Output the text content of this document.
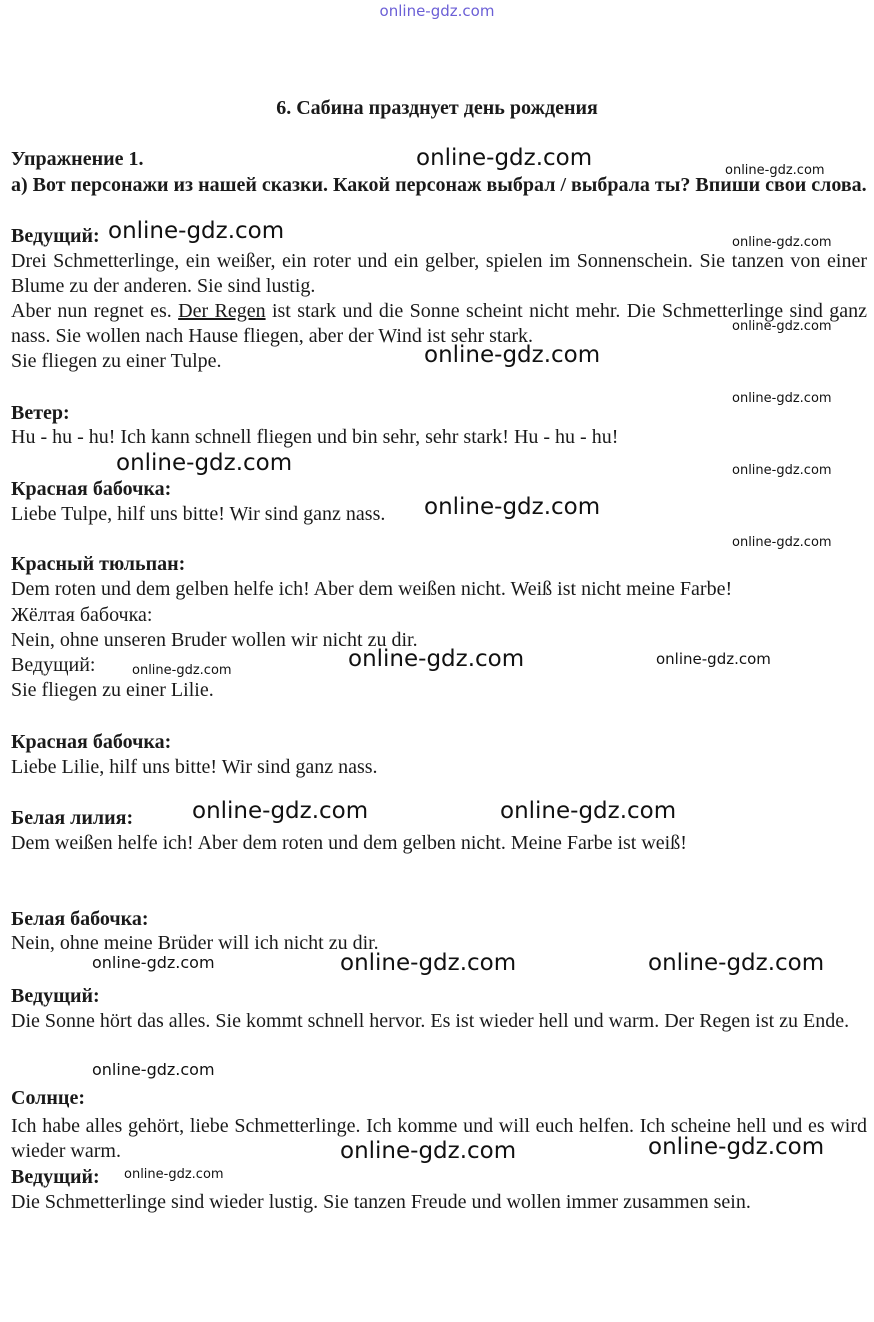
online-gdz.com
6. Сабина празднует день рождения

Упражнение 1.

а) Вот персонажи из нашей сказки. Какой персонаж выбрал / выбрала ты? Впиши свои слова.

Ведущий:

Drei Schmetterlinge, ein weißer, ein roter und ein gelber, spielen im Sonnenschein. Sie tanzen von einer Blume zu der anderen. Sie sind lustig.

Aber nun regnet es. Der Regen ist stark und die Sonne scheint nicht mehr. Die Schmetterlinge sind ganz nass. Sie wollen nach Hause fliegen, aber der Wind ist sehr stark.

Sie fliegen zu einer Tulpe.

Ветер:

Hu - hu - hu! Ich kann schnell fliegen und bin sehr, sehr stark! Hu - hu - hu!

Красная бабочка:

Liebe Tulpe, hilf uns bitte! Wir sind ganz nass.

Красный тюльпан:

Dem roten und dem gelben helfe ich! Aber dem weißen nicht. Weiß ist nicht meine Farbe!

Жёлтая бабочка:

Nein, ohne unseren Bruder wollen wir nicht zu dir.

Ведущий:

Sie fliegen zu einer Lilie.

Красная бабочка:

Liebe Lilie, hilf uns bitte! Wir sind ganz nass.

Белая лилия:

Dem weißen helfe ich! Aber dem roten und dem gelben nicht. Meine Farbe ist weiß!

Белая бабочка:

Nein, ohne meine Brüder will ich nicht zu dir.

Ведущий:

Die Sonne hört das alles. Sie kommt schnell hervor. Es ist wieder hell und warm. Der Regen ist zu Ende.

Солнце:

Ich habe alles gehört, liebe Schmetterlinge. Ich komme und will euch helfen. Ich scheine hell und es wird wieder warm.

Ведущий:

Die Schmetterlinge sind wieder lustig. Sie tanzen Freude und wollen immer zusammen sein.

online-gdz.com	online-gdz.com
online-gdz.com	online-gdz.com
online-gdz.com
online-gdz.com
online-gdz.com
online-gdz.com	online-gdz.com
online-gdz.com
online-gdz.com
online-gdz.com	online-gdz.com
online-gdz.com
online-gdz.com	online-gdz.com
online-gdz.com	online-gdz.com	online-gdz.com
online-gdz.com
online-gdz.com
online-gdz.com
online-gdz.com
